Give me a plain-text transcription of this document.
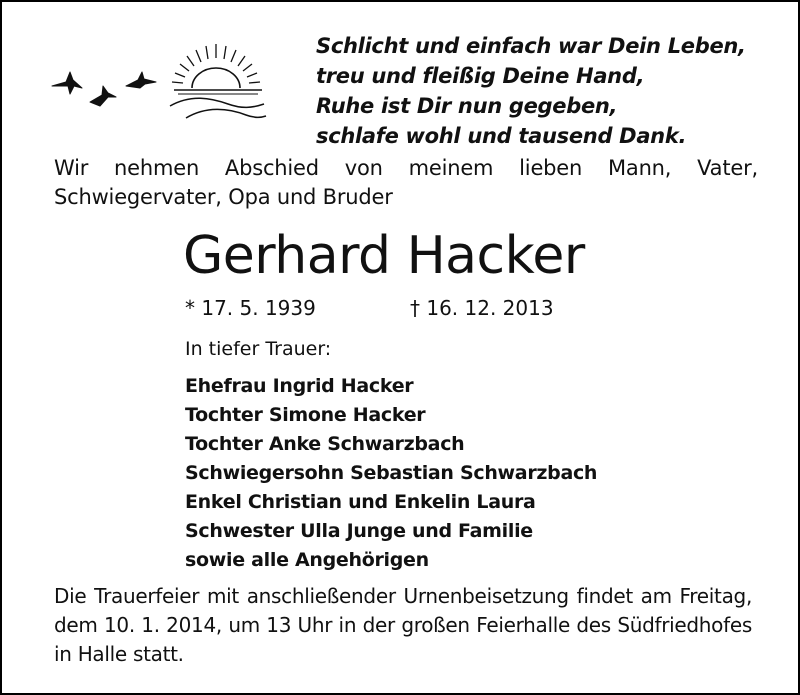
Schlicht und einfach war Dein Leben,
treu und fleißig Deine Hand,
Ruhe ist Dir nun gegeben,
schlafe wohl und tausend Dank.
Wir nehmen Abschied von meinem lieben Mann, Vater, Schwiegervater, Opa und Bruder
Gerhard Hacker
* 17. 5. 1939	† 16. 12. 2013
In tiefer Trauer:
Ehefrau Ingrid Hacker
Tochter Simone Hacker
Tochter Anke Schwarzbach
Schwiegersohn Sebastian Schwarzbach
Enkel Christian und Enkelin Laura
Schwester Ulla Junge und Familie
sowie alle Angehörigen
Die Trauerfeier mit anschließender Urnenbeisetzung findet am Freitag, dem 10. 1. 2014, um 13 Uhr in der großen Feierhalle des Südfriedhofes in Halle statt.
